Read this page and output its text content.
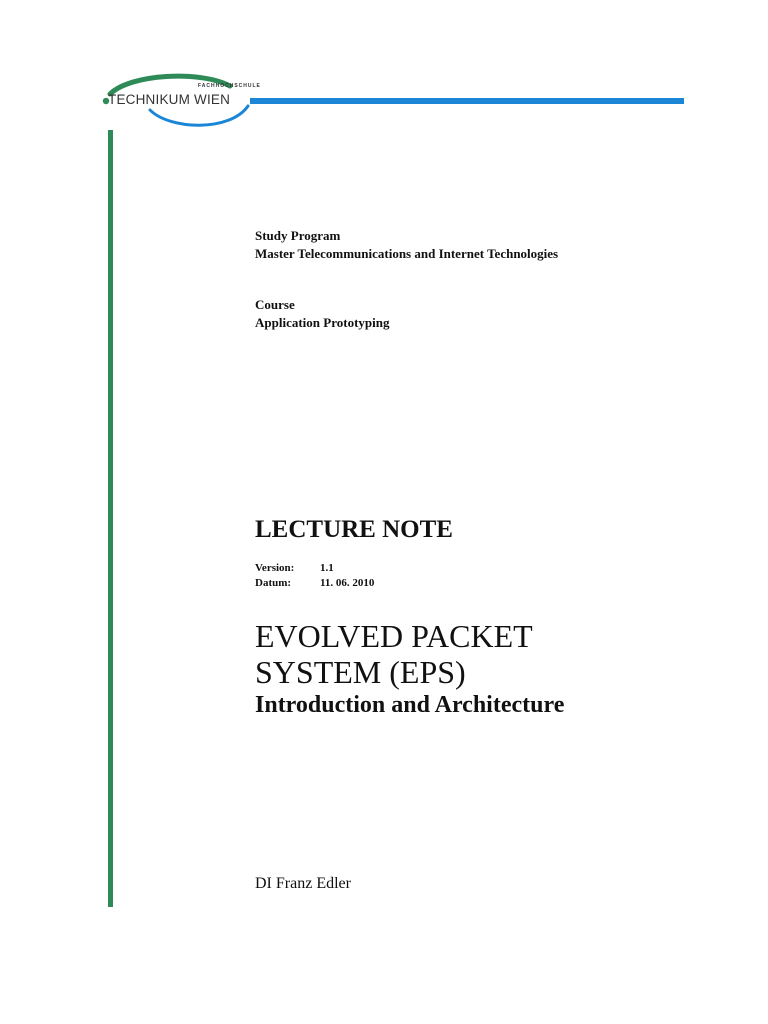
FACHHOCHSCHULE
TECHNIKUM WIEN
Study Program
Master Telecommunications and Internet Technologies
Course
Application Prototyping
LECTURE NOTE
Version:	1.1
Datum:	11. 06. 2010
EVOLVED PACKET
SYSTEM (EPS)
Introduction and Architecture
DI Franz Edler
